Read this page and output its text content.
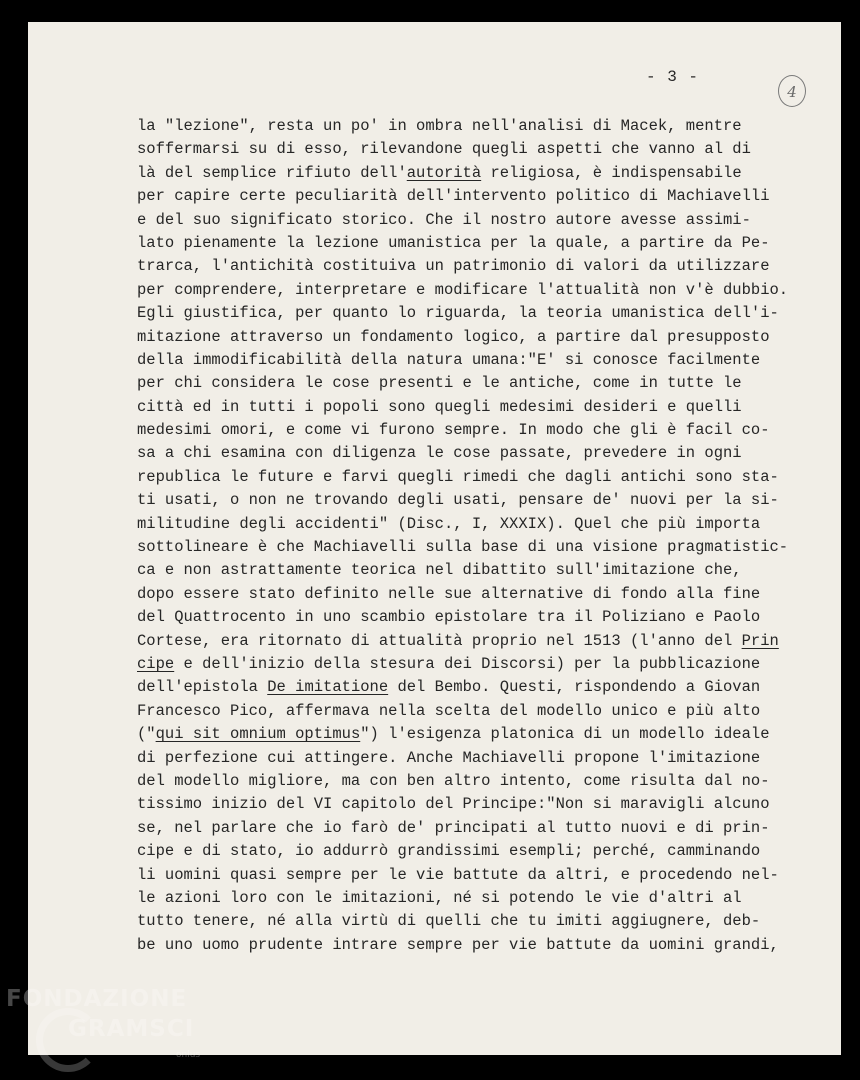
- 3 -
4
la "lezione", resta un po' in ombra nell'analisi di Macek, mentre
soffermarsi su di esso, rilevandone quegli aspetti che vanno al di
là del semplice rifiuto dell'autorità religiosa, è indispensabile
per capire certe peculiarità dell'intervento politico di Machiavelli
e del suo significato storico. Che il nostro autore avesse assimi-
lato pienamente la lezione umanistica per la quale, a partire da Pe-
trarca, l'antichità costituiva un patrimonio di valori da utilizzare
per comprendere, interpretare e modificare l'attualità non v'è dubbio.
Egli giustifica, per quanto lo riguarda, la teoria umanistica dell'i-
mitazione attraverso un fondamento logico, a partire dal presupposto
della immodificabilità della natura umana:"E' si conosce facilmente
per chi considera le cose presenti e le antiche, come in tutte le
città ed in tutti i popoli sono quegli medesimi desideri e quelli
medesimi omori, e come vi furono sempre. In modo che gli è facil co-
sa a chi esamina con diligenza le cose passate, prevedere in ogni
republica le future e farvi quegli rimedi che dagli antichi sono sta-
ti usati, o non ne trovando degli usati, pensare de' nuovi per la si-
militudine degli accidenti" (Disc., I, XXXIX). Quel che più importa
sottolineare è che Machiavelli sulla base di una visione pragmatistic-
ca e non astrattamente teorica nel dibattito sull'imitazione che,
dopo essere stato definito nelle sue alternative di fondo alla fine
del Quattrocento in uno scambio epistolare tra il Poliziano e Paolo
Cortese, era ritornato di attualità proprio nel 1513 (l'anno del Prin
cipe e dell'inizio della stesura dei Discorsi) per la pubblicazione
dell'epistola De imitatione del Bembo. Questi, rispondendo a Giovan
Francesco Pico, affermava nella scelta del modello unico e più alto
("qui sit omnium optimus") l'esigenza platonica di un modello ideale
di perfezione cui attingere. Anche Machiavelli propone l'imitazione
del modello migliore, ma con ben altro intento, come risulta dal no-
tissimo inizio del VI capitolo del Principe:"Non si maravigli alcuno
se, nel parlare che io farò de' principati al tutto nuovi e di prin-
cipe e di stato, io addurrò grandissimi esempli; perché, camminando
li uomini quasi sempre per le vie battute da altri, e procedendo nel-
le azioni loro con le imitazioni, né si potendo le vie d'altri al
tutto tenere, né alla virtù di quelli che tu imiti aggiugnere, deb-
be uno uomo prudente intrare sempre per vie battute da uomini grandi,
FONDAZIONE
GRAMSCI
onlus
